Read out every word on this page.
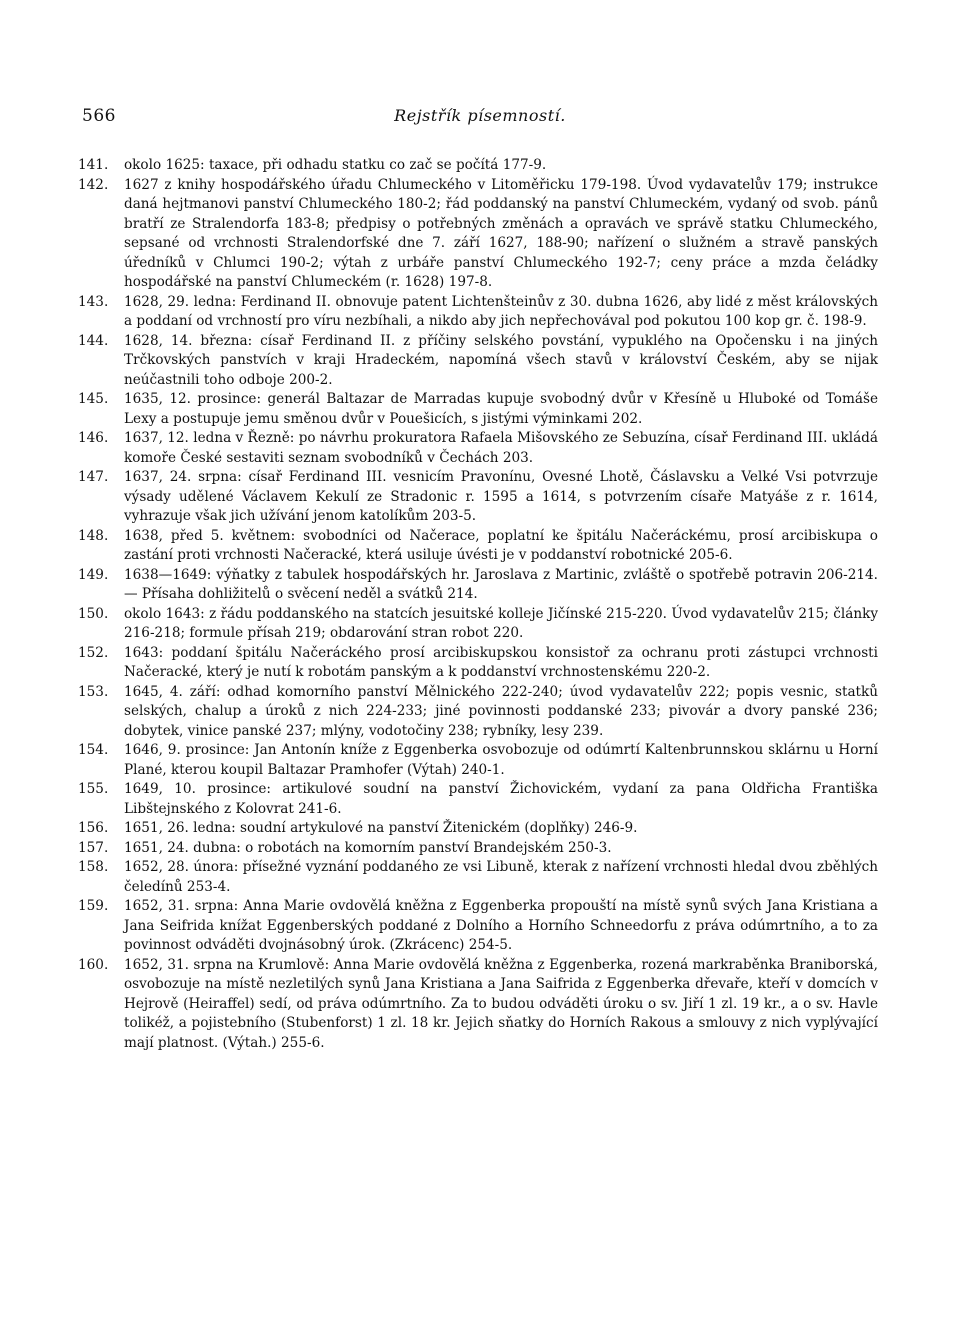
566	Rejstřík písemností.

141.	okolo 1625: taxace, při odhadu statku co zač se počítá 177-9.

142.	1627 z knihy hospodářského úřadu Chlumeckého v Litoměřicku 179-198. Úvod vydavatelův 179; instrukce daná hejtmanovi panství Chlumeckého 180-2; řád poddanský na panství Chlumeckém, vydaný od svob. pánů bratří ze Stralendorfa 183-8; předpisy o potřebných změnách a opravách ve správě statku Chlumeckého, sepsané od vrchnosti Stralendorfské dne 7. září 1627, 188-90; nařízení o služném a stravě panských úředníků v Chlumci 190-2; výtah z urbáře panství Chlumeckého 192-7; ceny práce a mzda čeládky hospodářské na panství Chlumeckém (r. 1628) 197-8.

143.	1628, 29. ledna: Ferdinand II. obnovuje patent Lichtenšteinův z 30. dubna 1626, aby lidé z měst královských a poddaní od vrchností pro víru nezbíhali, a nikdo aby jich nepřechovával pod pokutou 100 kop gr. č. 198-9.

144.	1628, 14. března: císař Ferdinand II. z příčiny selského povstání, vypuklého na Opočensku i na jiných Trčkovských panstvích v kraji Hradeckém, napomíná všech stavů v království Českém, aby se nijak neúčastnili toho odboje 200-2.

145.	1635, 12. prosince: generál Baltazar de Marradas kupuje svobodný dvůr v Křesíně u Hluboké od Tomáše Lexy a postupuje jemu směnou dvůr v Pouešicích, s jistými výminkami 202.

146.	1637, 12. ledna v Řezně: po návrhu prokuratora Rafaela Mišovského ze Sebuzína, císař Ferdinand III. ukládá komoře České sestaviti seznam svobodníků v Čechách 203.

147.	1637, 24. srpna: císař Ferdinand III. vesnicím Pravonínu, Ovesné Lhotě, Čáslavsku a Velké Vsi potvrzuje výsady udělené Václavem Kekulí ze Stradonic r. 1595 a 1614, s potvrzením císaře Matyáše z r. 1614, vyhrazuje však jich užívání jenom katolíkům 203-5.

148.	1638, před 5. květnem: svobodníci od Načerace, poplatní ke špitálu Načeráckému, prosí arcibiskupa o zastání proti vrchnosti Načeracké, která usiluje úvésti je v poddanství robotnické 205-6.

149.	1638—1649: výňatky z tabulek hospodářských hr. Jaroslava z Martinic, zvláště o spotřebě potravin 206-214. — Přísaha dohližitelů o svěcení neděl a svátků 214.

150.	okolo 1643: z řádu poddanského na statcích jesuitské kolleje Jičínské 215-220. Úvod vydavatelův 215; články 216-218; formule přísah 219; obdarování stran robot 220.

152.	1643: poddaní špitálu Načeráckého prosí arcibiskupskou konsistoř za ochranu proti zástupci vrchnosti Načeracké, který je nutí k robotám panským a k poddanství vrchnostenskému 220-2.

153.	1645, 4. září: odhad komorního panství Mělnického 222-240; úvod vydavatelův 222; popis vesnic, statků selských, chalup a úroků z nich 224-233; jiné povinnosti poddanské 233; pivovár a dvory panské 236; dobytek, vinice panské 237; mlýny, vodotočiny 238; rybníky, lesy 239.

154.	1646, 9. prosince: Jan Antonín kníže z Eggenberka osvobozuje od odúmrtí Kaltenbrunnskou sklárnu u Horní Plané, kterou koupil Baltazar Pramhofer (Výtah) 240-1.

155.	1649, 10. prosince: artikulové soudní na panství Žichovickém, vydaní za pana Oldřicha Františka Libštejnského z Kolovrat 241-6.

156.	1651, 26. ledna: soudní artykulové na panství Žitenickém (doplňky) 246-9.

157.	1651, 24. dubna: o robotách na komorním panství Brandejském 250-3.

158.	1652, 28. února: přísežné vyznání poddaného ze vsi Libuně, kterak z nařízení vrchnosti hledal dvou zběhlých čeledínů 253-4.

159.	1652, 31. srpna: Anna Marie ovdovělá kněžna z Eggenberka propouští na místě synů svých Jana Kristiana a Jana Seifrida knížat Eggenberských poddané z Dolního a Horního Schneedorfu z práva odúmrtního, a to za povinnost odváděti dvojnásobný úrok. (Zkrácenc) 254-5.

160.	1652, 31. srpna na Krumlově: Anna Marie ovdovělá kněžna z Eggenberka, rozená markraběnka Braniborská, osvobozuje na místě nezletilých synů Jana Kristiana a Jana Saifrida z Eggenberka dřevaře, kteří v domcích v Hejrově (Heiraffel) sedí, od práva odúmrtního. Za to budou odváděti úroku o sv. Jiří 1 zl. 19 kr., a o sv. Havle tolikéž, a pojistebního (Stubenforst) 1 zl. 18 kr. Jejich sňatky do Horních Rakous a smlouvy z nich vyplývající mají platnost. (Výtah.) 255-6.
